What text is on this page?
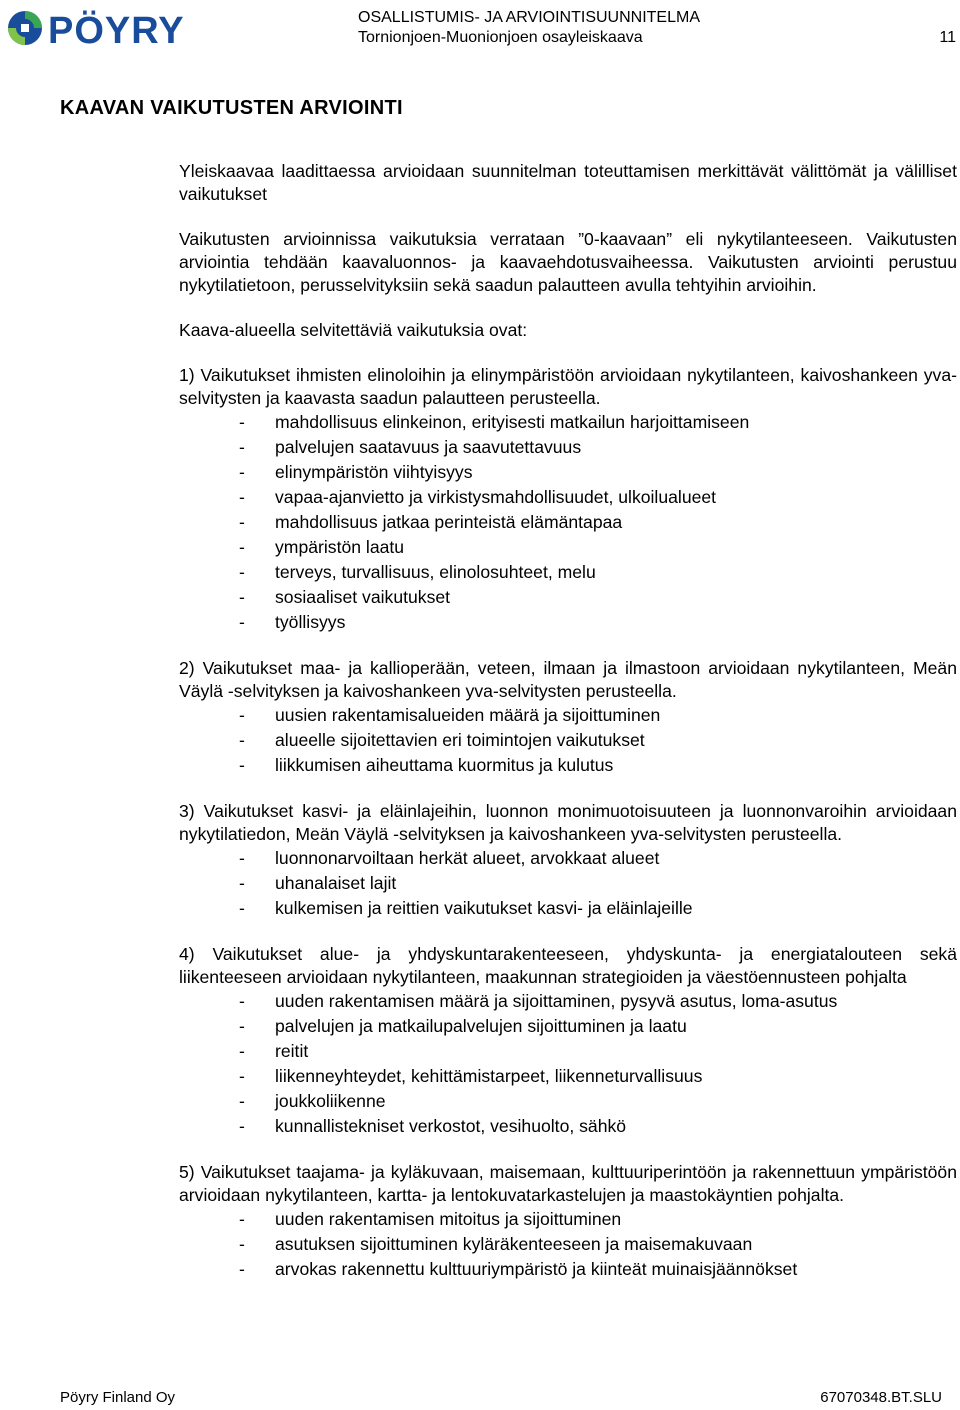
PÖYRY	OSALLISTUMIS- JA ARVIOINTISUUNNITELMA
Tornionjoen-Muonionjoen osayleiskaava	11
KAAVAN VAIKUTUSTEN ARVIOINTI

Yleiskaavaa laadittaessa arvioidaan suunnitelman toteuttamisen merkittävät välittömät ja välilliset vaikutukset

Vaikutusten arvioinnissa vaikutuksia verrataan ”0-kaavaan” eli nykytilanteeseen. Vaikutusten arviointia tehdään kaavaluonnos- ja kaavaehdotusvaiheessa. Vaikutusten arviointi perustuu nykytilatietoon, perusselvityksiin sekä saadun palautteen avulla tehtyihin arvioihin.

Kaava-alueella selvitettäviä vaikutuksia ovat:

1) Vaikutukset ihmisten elinoloihin ja elinympäristöön arvioidaan nykytilanteen, kaivoshankeen yva-selvitysten ja kaavasta saadun palautteen perusteella.

-	mahdollisuus elinkeinon, erityisesti matkailun harjoittamiseen
-	palvelujen saatavuus ja saavutettavuus
-	elinympäristön viihtyisyys
-	vapaa-ajanvietto ja virkistysmahdollisuudet, ulkoilualueet
-	mahdollisuus jatkaa perinteistä elämäntapaa
-	ympäristön laatu
-	terveys, turvallisuus, elinolosuhteet, melu
-	sosiaaliset vaikutukset
-	työllisyys

2) Vaikutukset maa- ja kallioperään, veteen, ilmaan ja ilmastoon arvioidaan nykytilanteen, Meän Väylä -selvityksen ja kaivoshankeen yva-selvitysten perusteella.

-	uusien rakentamisalueiden määrä ja sijoittuminen
-	alueelle sijoitettavien eri toimintojen vaikutukset
-	liikkumisen aiheuttama kuormitus ja kulutus

3) Vaikutukset kasvi- ja eläinlajeihin, luonnon monimuotoisuuteen ja luonnonvaroihin arvioidaan nykytilatiedon, Meän Väylä -selvityksen ja kaivoshankeen yva-selvitysten perusteella.

-	luonnonarvoiltaan herkät alueet, arvokkaat alueet
-	uhanalaiset lajit
-	kulkemisen ja reittien vaikutukset kasvi- ja eläinlajeille

4) Vaikutukset alue- ja yhdyskuntarakenteeseen, yhdyskunta- ja energiatalouteen sekä liikenteeseen arvioidaan nykytilanteen, maakunnan strategioiden ja väestöennusteen pohjalta

-	uuden rakentamisen määrä ja sijoittaminen, pysyvä asutus, loma-asutus
-	palvelujen ja matkailupalvelujen sijoittuminen ja laatu
-	reitit
-	liikenneyhteydet, kehittämistarpeet, liikenneturvallisuus
-	joukkoliikenne
-	kunnallistekniset verkostot, vesihuolto, sähkö

5) Vaikutukset taajama- ja kyläkuvaan, maisemaan, kulttuuriperintöön ja rakennettuun ympäristöön arvioidaan nykytilanteen, kartta- ja lentokuvatarkastelujen ja maastokäyntien pohjalta.

-	uuden rakentamisen mitoitus ja sijoittuminen
-	asutuksen sijoittuminen kyläräkenteeseen ja maisemakuvaan
-	arvokas rakennettu kulttuuriympäristö ja kiinteät muinaisjäännökset
Pöyry Finland Oy	67070348.BT.SLU
